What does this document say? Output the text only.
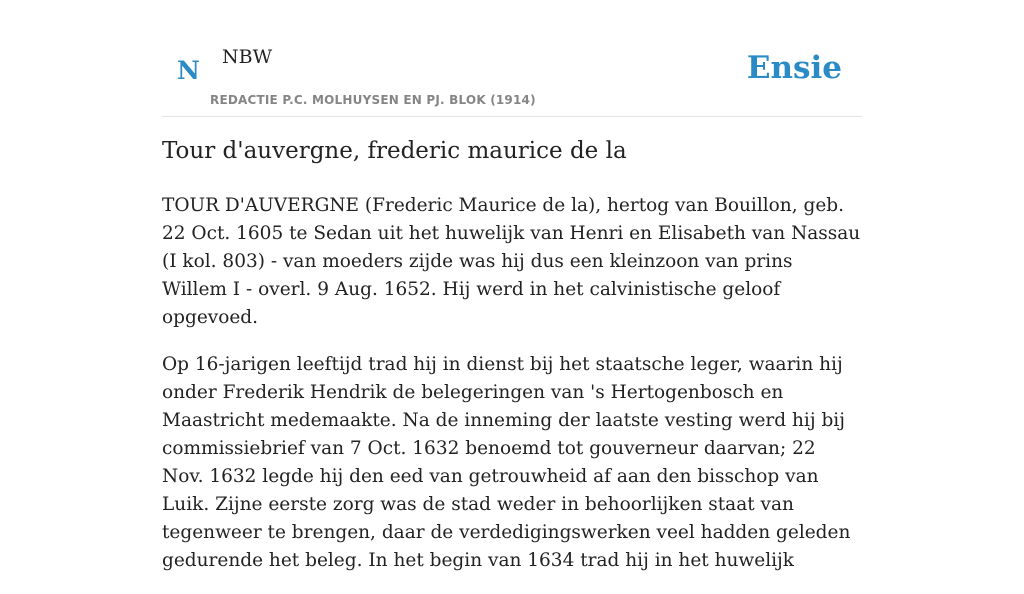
N NBW
REDACTIE P.C. MOLHUYSEN EN PJ. BLOK (1914)
Ensie
Tour d'auvergne, frederic maurice de la

TOUR D'AUVERGNE (Frederic Maurice de la), hertog van Bouillon, geb. 22 Oct. 1605 te Sedan uit het huwelijk van Henri en Elisabeth van Nassau (I kol. 803) - van moeders zijde was hij dus een kleinzoon van prins Willem I - overl. 9 Aug. 1652. Hij werd in het calvinistische geloof opgevoed.

Op 16-jarigen leeftijd trad hij in dienst bij het staatsche leger, waarin hij onder Frederik Hendrik de belegeringen van 's Hertogenbosch en Maastricht medemaakte. Na de inneming der laatste vesting werd hij bij commissiebrief van 7 Oct. 1632 benoemd tot gouverneur daarvan; 22 Nov. 1632 legde hij den eed van getrouwheid af aan den bisschop van Luik. Zijne eerste zorg was de stad weder in behoorlijken staat van tegenweer te brengen, daar de verdedigingswerken veel hadden geleden gedurende het beleg. In het begin van 1634 trad hij in het huwelijk
